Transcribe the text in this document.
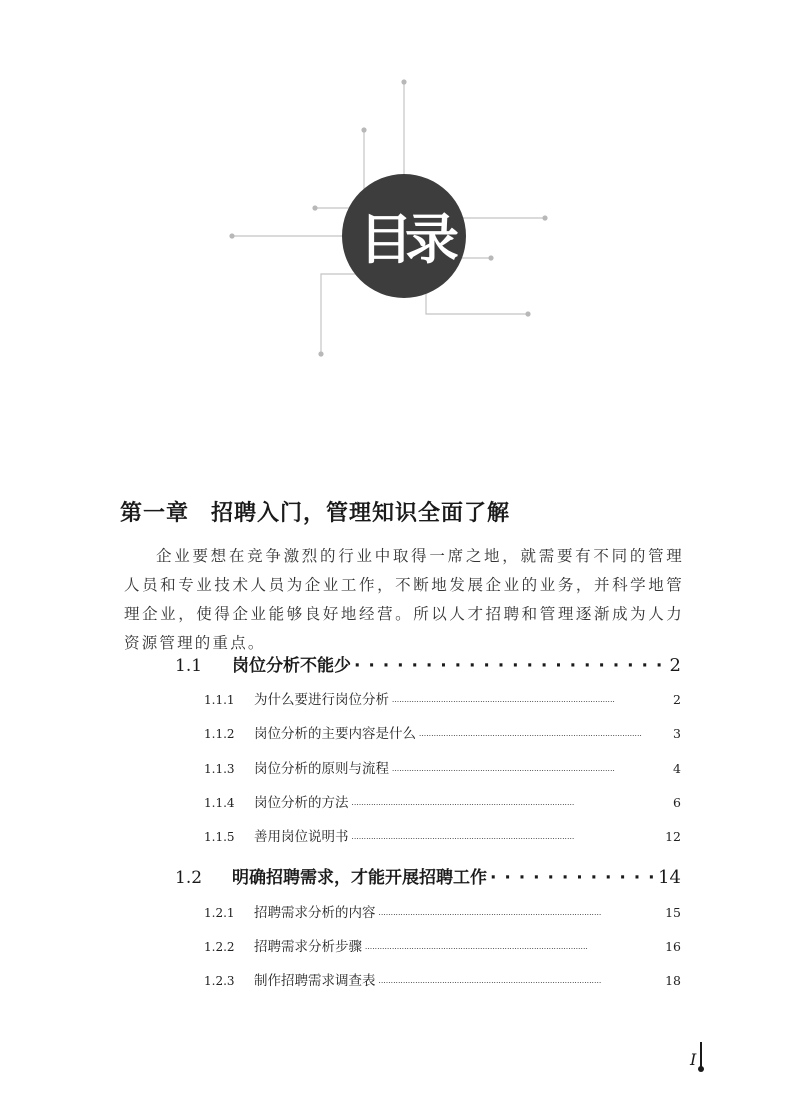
目录
第一章 招聘入门，管理知识全面了解

企业要想在竞争激烈的行业中取得一席之地，就需要有不同的管理人员和专业技术人员为企业工作，不断地发展企业的业务，并科学地管理企业，使得企业能够良好地经营。所以人才招聘和管理逐渐成为人力资源管理的重点。

1.1	岗位分析不能少 · · ·	2
1.1.1	为什么要进行岗位分析 · · ·	2
1.1.2	岗位分析的主要内容是什么 · · ·	3
1.1.3	岗位分析的原则与流程 · · ·	4
1.1.4	岗位分析的方法 · · ·	6
1.1.5	善用岗位说明书 · · ·	12
1.2	明确招聘需求，才能开展招聘工作 · · ·	14
1.2.1	招聘需求分析的内容 · · ·	15
1.2.2	招聘需求分析步骤 · · ·	16
1.2.3	制作招聘需求调查表 · · ·	18
I
